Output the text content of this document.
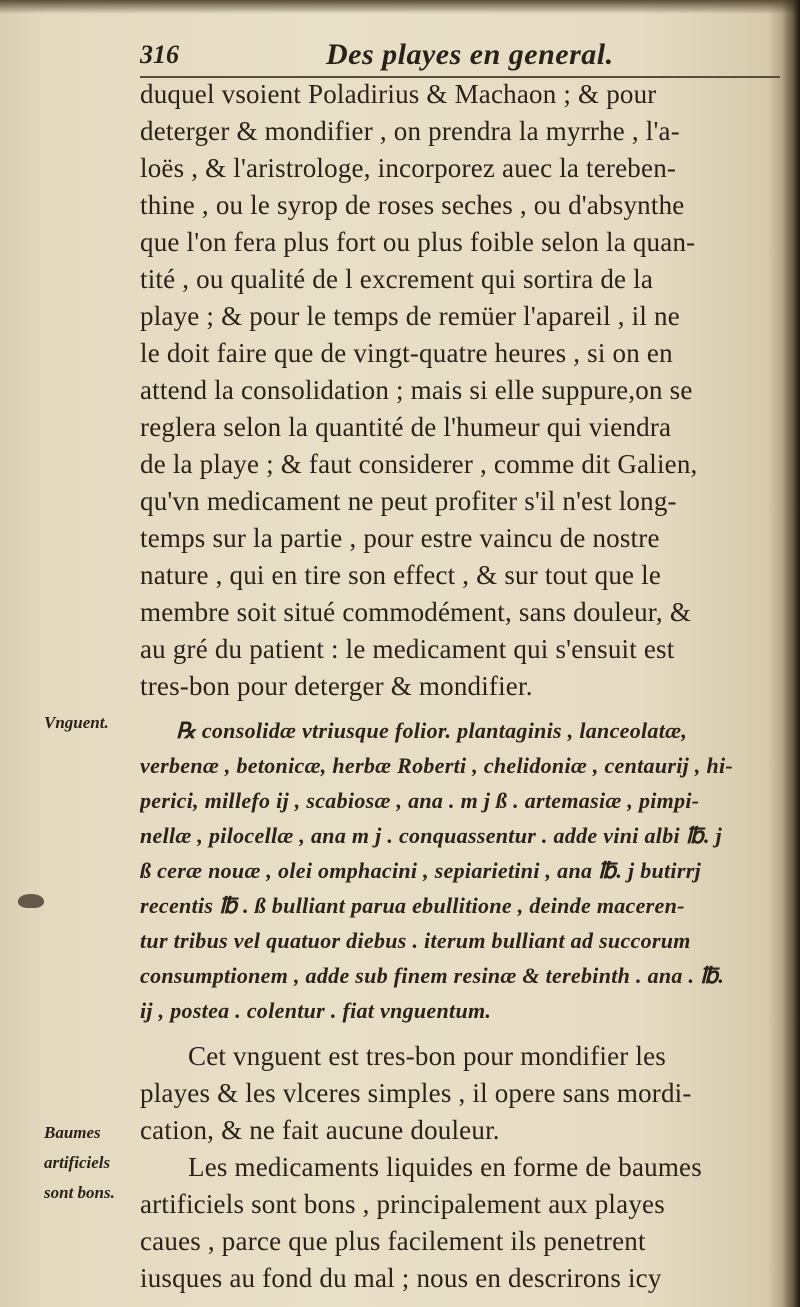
316	Des playes en general.
duquel vsoient Poladirius & Machaon ; & pour
deterger & mondifier , on prendra la myrrhe , l'a-
loës , & l'aristrologe, incorporez auec la tereben-
thine , ou le syrop de roses seches , ou d'absynthe
que l'on fera plus fort ou plus foible selon la quan-
tité , ou qualité de l excrement qui sortira de la
playe ; & pour le temps de remüer l'apareil , il ne
le doit faire que de vingt-quatre heures , si on en
attend la consolidation ; mais si elle suppure,on se
reglera selon la quantité de l'humeur qui viendra
de la playe ; & faut considerer , comme dit Galien,
qu'vn medicament ne peut profiter s'il n'est long-
temps sur la partie , pour estre vaincu de nostre
nature , qui en tire son effect , & sur tout que le
membre soit situé commodément, sans douleur, &
au gré du patient : le medicament qui s'ensuit est
tres-bon pour deterger & mondifier.
℞ consolidæ vtriusque folior. plantaginis , lanceolatæ,
verbenæ , betonicæ, herbæ Roberti , chelidoniæ , centaurij , hi-
perici, millefo ij , scabiosæ , ana . m j ß . artemasiæ , pimpi-
nellæ , pilocellæ , ana m j . conquassentur . adde vini albi ℔. j
ß ceræ nouæ , olei omphacini , sepiarietini , ana ℔. j butirrj
recentis ℔ . ß bulliant parua ebullitione , deinde maceren-
tur tribus vel quatuor diebus . iterum bulliant ad succorum
consumptionem , adde sub finem resinæ & terebinth . ana . ℔.
ij , postea . colentur . fiat vnguentum.
Cet vnguent est tres-bon pour mondifier les
playes & les vlceres simples , il opere sans mordi-
cation, & ne fait aucune douleur.
Les medicaments liquides en forme de baumes
artificiels sont bons , principalement aux playes
caues , parce que plus facilement ils penetrent
iusques au fond du mal ; nous en descrirons icy
Vnguent.
Baumes
artificiels
sont bons.
